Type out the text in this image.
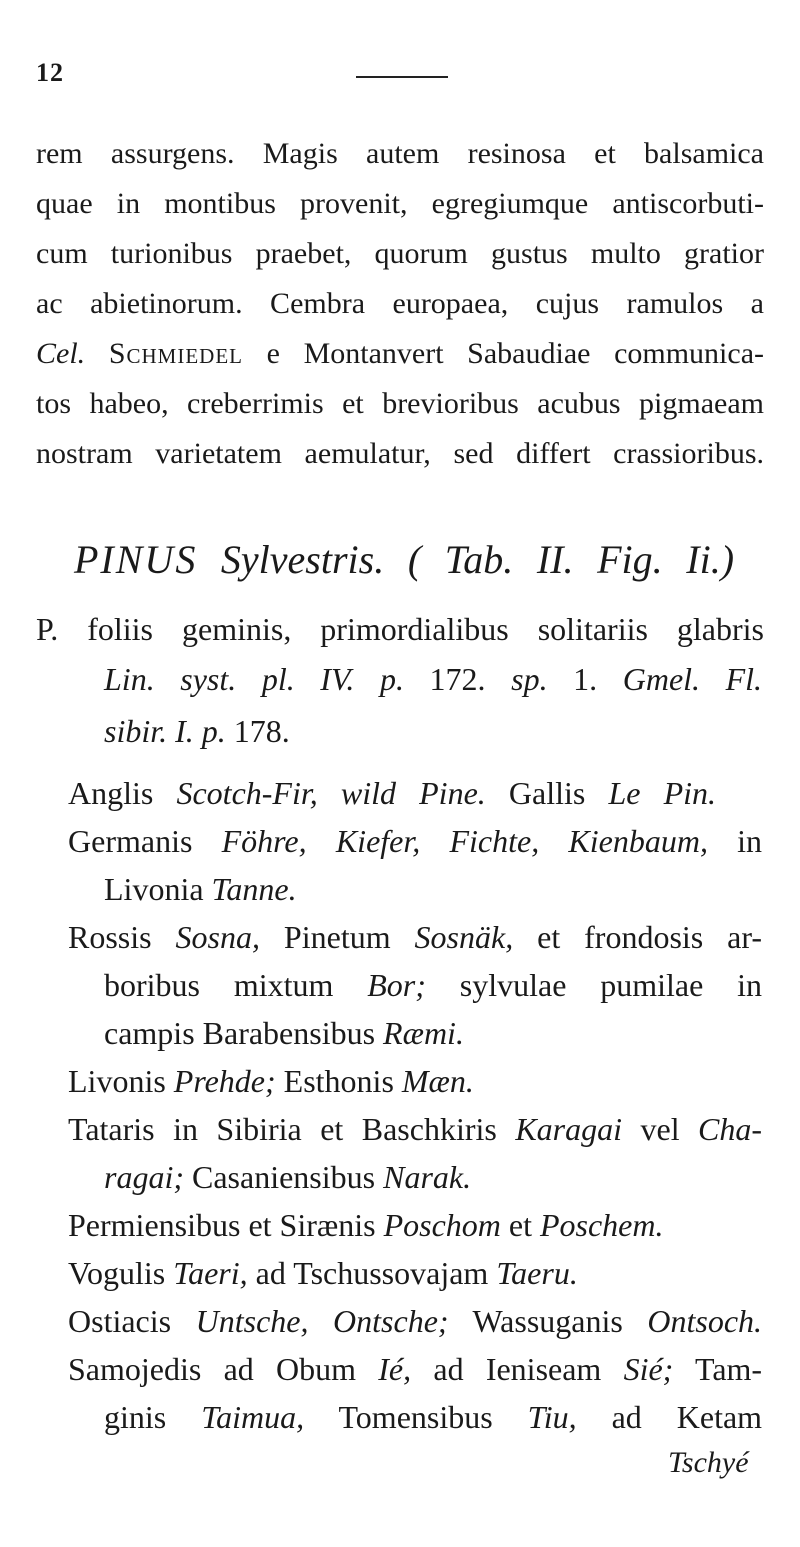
12
rem assurgens. Magis autem resinosa et balsamica
quae in montibus provenit, egregiumque antiscorbuti-
cum turionibus praebet, quorum gustus multo gratior
ac abietinorum. Cembra europaea, cujus ramulos a
Cel. Schmiedel e Montanvert Sabaudiae communica-
tos habeo, creberrimis et brevioribus acubus pigmaeam
nostram varietatem aemulatur, sed differt crassioribus.
PINUS Sylvestris. ( Tab. II. Fig. Ii.)
P. foliis geminis, primordialibus solitariis glabris
Lin. syst. pl. IV. p. 172. sp. 1. Gmel. Fl.
sibir. I. p. 178.
Anglis Scotch-Fir, wild Pine. Gallis Le Pin.
Germanis Föhre, Kiefer, Fichte, Kienbaum, in
Livonia Tanne.
Rossis Sosna, Pinetum Sosnäk, et frondosis ar-
boribus mixtum Bor; sylvulae pumilae in
campis Barabensibus Ræmi.
Livonis Prehde; Esthonis Mæn.
Tataris in Sibiria et Baschkiris Karagai vel Cha-
ragai; Casaniensibus Narak.
Permiensibus et Sirænis Poschom et Poschem.
Vogulis Taeri, ad Tschussovajam Taeru.
Ostiacis Untsche, Ontsche; Wassuganis Ontsoch.
Samojedis ad Obum Ié, ad Ieniseam Sié; Tam-
ginis Taimua, Tomensibus Tiu, ad Ketam
Tschyé
